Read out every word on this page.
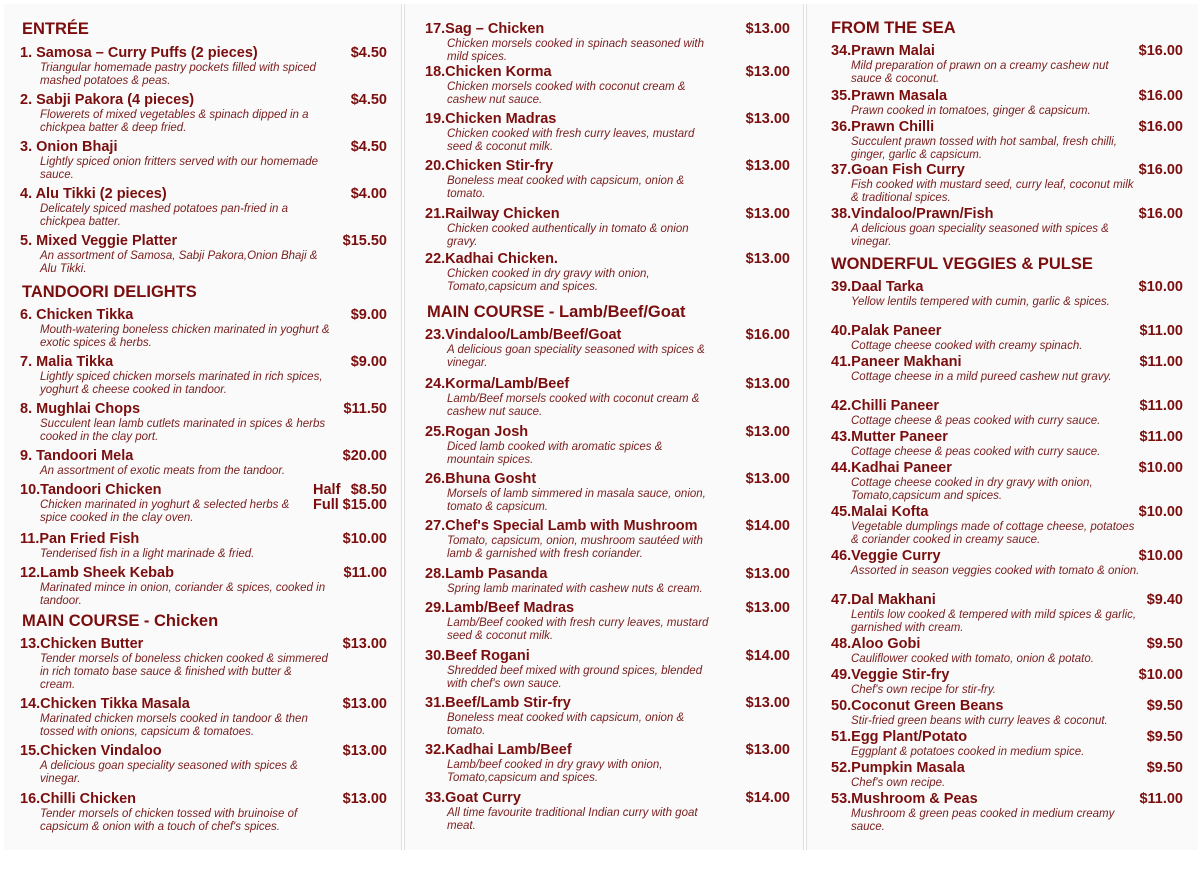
ENTRÉE
1. Samosa – Curry Puffs (2 pieces)	$4.50
Triangular homemade pastry pockets filled with spiced mashed potatoes & peas.
2. Sabji Pakora (4 pieces)	$4.50
Flowerets of mixed vegetables & spinach dipped in a chickpea batter & deep fried.
3. Onion Bhaji	$4.50
Lightly spiced onion fritters served with our homemade sauce.
4. Alu Tikki (2 pieces)	$4.00
Delicately spiced mashed potatoes pan-fried in a chickpea batter.
5. Mixed Veggie Platter	$15.50
An assortment of Samosa, Sabji Pakora,Onion Bhaji & Alu Tikki.
TANDOORI DELIGHTS
6. Chicken Tikka	$9.00
Mouth-watering boneless chicken marinated in yoghurt & exotic spices & herbs.
7. Malia Tikka	$9.00
Lightly spiced chicken morsels marinated in rich spices, yoghurt & cheese cooked in tandoor.
8. Mughlai Chops	$11.50
Succulent lean lamb cutlets marinated in spices & herbs cooked in the clay port.
9. Tandoori Mela	$20.00
An assortment of exotic meats from the tandoor.
10.Tandoori Chicken	Half $8.50
Full $15.00
Chicken marinated in yoghurt & selected herbs & spice cooked in the clay oven.
11.Pan Fried Fish	$10.00
Tenderised fish in a light marinade & fried.
12.Lamb Sheek Kebab	$11.00
Marinated mince in onion, coriander & spices, cooked in tandoor.
MAIN COURSE - Chicken
13.Chicken Butter	$13.00
Tender morsels of boneless chicken cooked & simmered in rich tomato base sauce & finished with butter & cream.
14.Chicken Tikka Masala	$13.00
Marinated chicken morsels cooked in tandoor & then tossed with onions, capsicum & tomatoes.
15.Chicken Vindaloo	$13.00
A delicious goan speciality seasoned with spices & vinegar.
16.Chilli Chicken	$13.00
Tender morsels of chicken tossed with bruinoise of capsicum & onion with a touch of chef's spices.
17.Sag – Chicken	$13.00
Chicken morsels cooked in spinach seasoned with mild spices.
18.Chicken Korma	$13.00
Chicken morsels cooked with coconut cream & cashew nut sauce.
19.Chicken Madras	$13.00
Chicken cooked with fresh curry leaves, mustard seed & coconut milk.
20.Chicken Stir-fry	$13.00
Boneless meat cooked with capsicum, onion & tomato.
21.Railway Chicken	$13.00
Chicken cooked authentically in tomato & onion gravy.
22.Kadhai Chicken.	$13.00
Chicken cooked in dry gravy with onion, Tomato,capsicum and spices.
MAIN COURSE - Lamb/Beef/Goat
23.Vindaloo/Lamb/Beef/Goat	$16.00
A delicious goan speciality seasoned with spices & vinegar.
24.Korma/Lamb/Beef	$13.00
Lamb/Beef morsels cooked with coconut cream & cashew nut sauce.
25.Rogan Josh	$13.00
Diced lamb cooked with aromatic spices & mountain spices.
26.Bhuna Gosht	$13.00
Morsels of lamb simmered in masala sauce, onion, tomato & capsicum.
27.Chef's Special Lamb with Mushroom	$14.00
Tomato, capsicum, onion, mushroom sautéed with lamb & garnished with fresh coriander.
28.Lamb Pasanda	$13.00
Spring lamb marinated with cashew nuts & cream.
29.Lamb/Beef Madras	$13.00
Lamb/Beef cooked with fresh curry leaves, mustard seed & coconut milk.
30.Beef Rogani	$14.00
Shredded beef mixed with ground spices, blended with chef's own sauce.
31.Beef/Lamb Stir-fry	$13.00
Boneless meat cooked with capsicum, onion & tomato.
32.Kadhai Lamb/Beef	$13.00
Lamb/beef cooked in dry gravy with onion, Tomato,capsicum and spices.
33.Goat Curry	$14.00
All time favourite traditional Indian curry with goat meat.
FROM THE SEA
34.Prawn Malai	$16.00
Mild preparation of prawn on a creamy cashew nut sauce & coconut.
35.Prawn Masala	$16.00
Prawn cooked in tomatoes, ginger & capsicum.
36.Prawn Chilli	$16.00
Succulent prawn tossed with hot sambal, fresh chilli, ginger, garlic & capsicum.
37.Goan Fish Curry	$16.00
Fish cooked with mustard seed, curry leaf, coconut milk & traditional spices.
38.Vindaloo/Prawn/Fish	$16.00
A delicious goan speciality seasoned with spices & vinegar.
WONDERFUL VEGGIES & PULSE
39.Daal Tarka	$10.00
Yellow lentils tempered with cumin, garlic & spices.
40.Palak Paneer	$11.00
Cottage cheese cooked with creamy spinach.
41.Paneer Makhani	$11.00
Cottage cheese in a mild pureed cashew nut gravy.
42.Chilli Paneer	$11.00
Cottage cheese & peas cooked with curry sauce.
43.Mutter Paneer	$11.00
Cottage cheese & peas cooked with curry sauce.
44.Kadhai Paneer	$10.00
Cottage cheese cooked in dry gravy with onion, Tomato,capsicum and spices.
45.Malai Kofta	$10.00
Vegetable dumplings made of cottage cheese, potatoes & coriander cooked in creamy sauce.
46.Veggie Curry	$10.00
Assorted in season veggies cooked with tomato & onion.
47.Dal Makhani	$9.40
Lentils low cooked & tempered with mild spices & garlic, garnished with cream.
48.Aloo Gobi	$9.50
Cauliflower cooked with tomato, onion & potato.
49.Veggie Stir-fry	$10.00
Chef's own recipe for stir-fry.
50.Coconut Green Beans	$9.50
Stir-fried green beans with curry leaves & coconut.
51.Egg Plant/Potato	$9.50
Eggplant & potatoes cooked in medium spice.
52.Pumpkin Masala	$9.50
Chef's own recipe.
53.Mushroom & Peas	$11.00
Mushroom & green peas cooked in medium creamy sauce.
